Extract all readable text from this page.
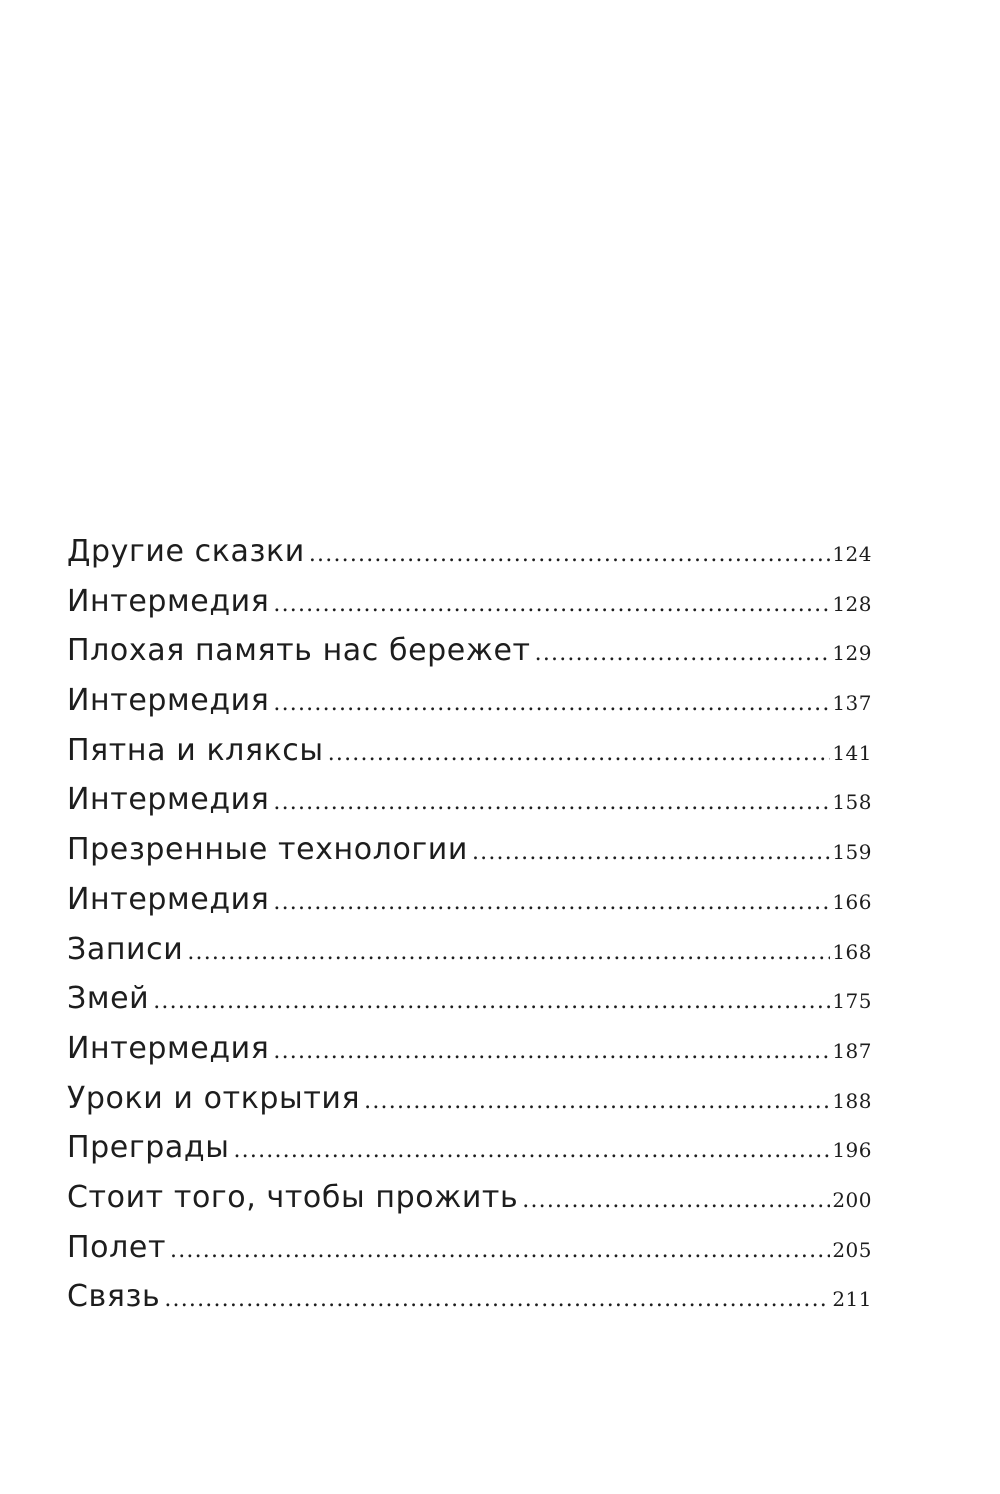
Другие сказки .....	124
Интермедия .....	128
Плохая память нас бережет .....	129
Интермедия .....	137
Пятна и кляксы .....	141
Интермедия .....	158
Презренные технологии .....	159
Интермедия .....	166
Записи .....	168
Змей .....	175
Интермедия .....	187
Уроки и открытия .....	188
Преграды .....	196
Стоит того, чтобы прожить .....	200
Полет .....	205
Связь .....	211
